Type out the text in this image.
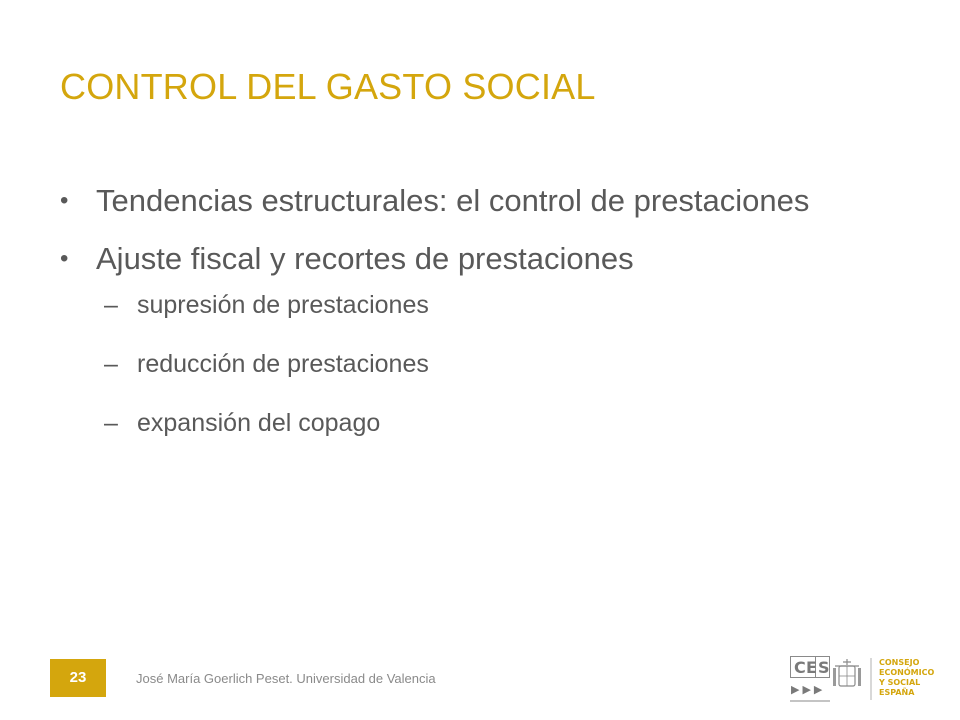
CONTROL DEL GASTO SOCIAL
• Tendencias estructurales: el control de prestaciones
• Ajuste fiscal y recortes de prestaciones
– supresión de prestaciones
– reducción de prestaciones
– expansión del copago
23	José María Goerlich Peset. Universidad de Valencia
C E S
▶▶▶
CONSEJO
ECONÓMICO
Y SOCIAL
ESPAÑA
